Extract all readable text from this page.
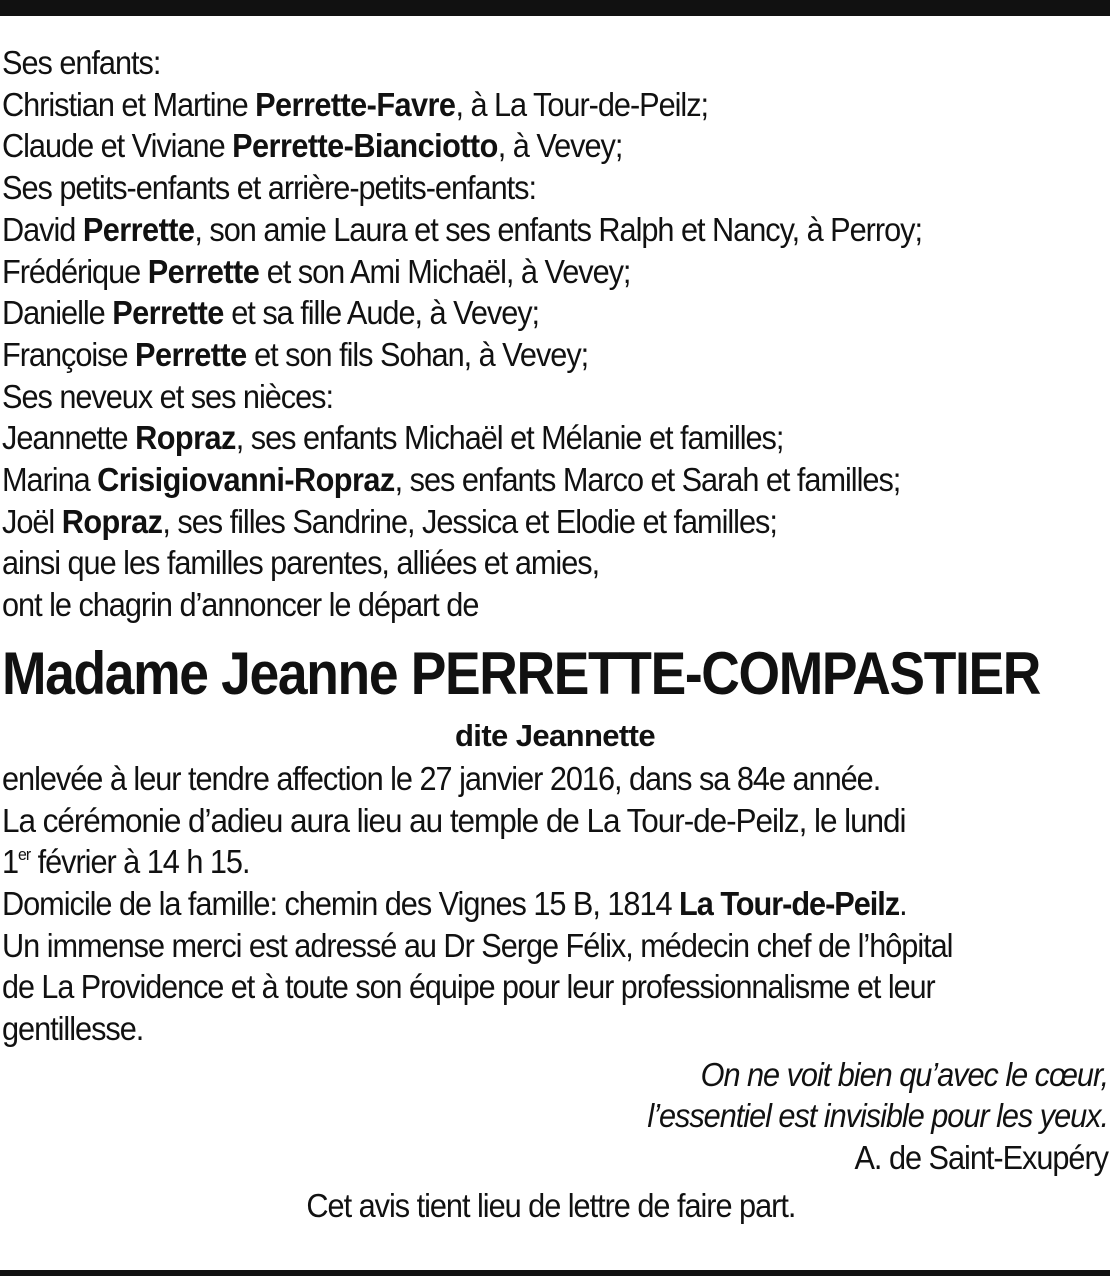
Ses enfants:
Christian et Martine Perrette-Favre, à La Tour-de-Peilz;
Claude et Viviane Perrette-Bianciotto, à Vevey;
Ses petits-enfants et arrière-petits-enfants:
David Perrette, son amie Laura et ses enfants Ralph et Nancy, à Perroy;
Frédérique Perrette et son Ami Michaël, à Vevey;
Danielle Perrette et sa fille Aude, à Vevey;
Françoise Perrette et son fils Sohan, à Vevey;
Ses neveux et ses nièces:
Jeannette Ropraz, ses enfants Michaël et Mélanie et familles;
Marina Crisigiovanni-Ropraz, ses enfants Marco et Sarah et familles;
Joël Ropraz, ses filles Sandrine, Jessica et Elodie et familles;
ainsi que les familles parentes, alliées et amies,
ont le chagrin d’annoncer le départ de
Madame Jeanne PERRETTE-COMPASTIER
dite Jeannette
enlevée à leur tendre affection le 27 janvier 2016, dans sa 84e année.
La cérémonie d’adieu aura lieu au temple de La Tour-de-Peilz, le lundi
1er février à 14 h 15.
Domicile de la famille: chemin des Vignes 15 B, 1814 La Tour-de-Peilz.
Un immense merci est adressé au Dr Serge Félix, médecin chef de l’hôpital
de La Providence et à toute son équipe pour leur professionnalisme et leur
gentillesse.
On ne voit bien qu’avec le cœur,
l’essentiel est invisible pour les yeux.
A. de Saint-Exupéry
Cet avis tient lieu de lettre de faire part.
